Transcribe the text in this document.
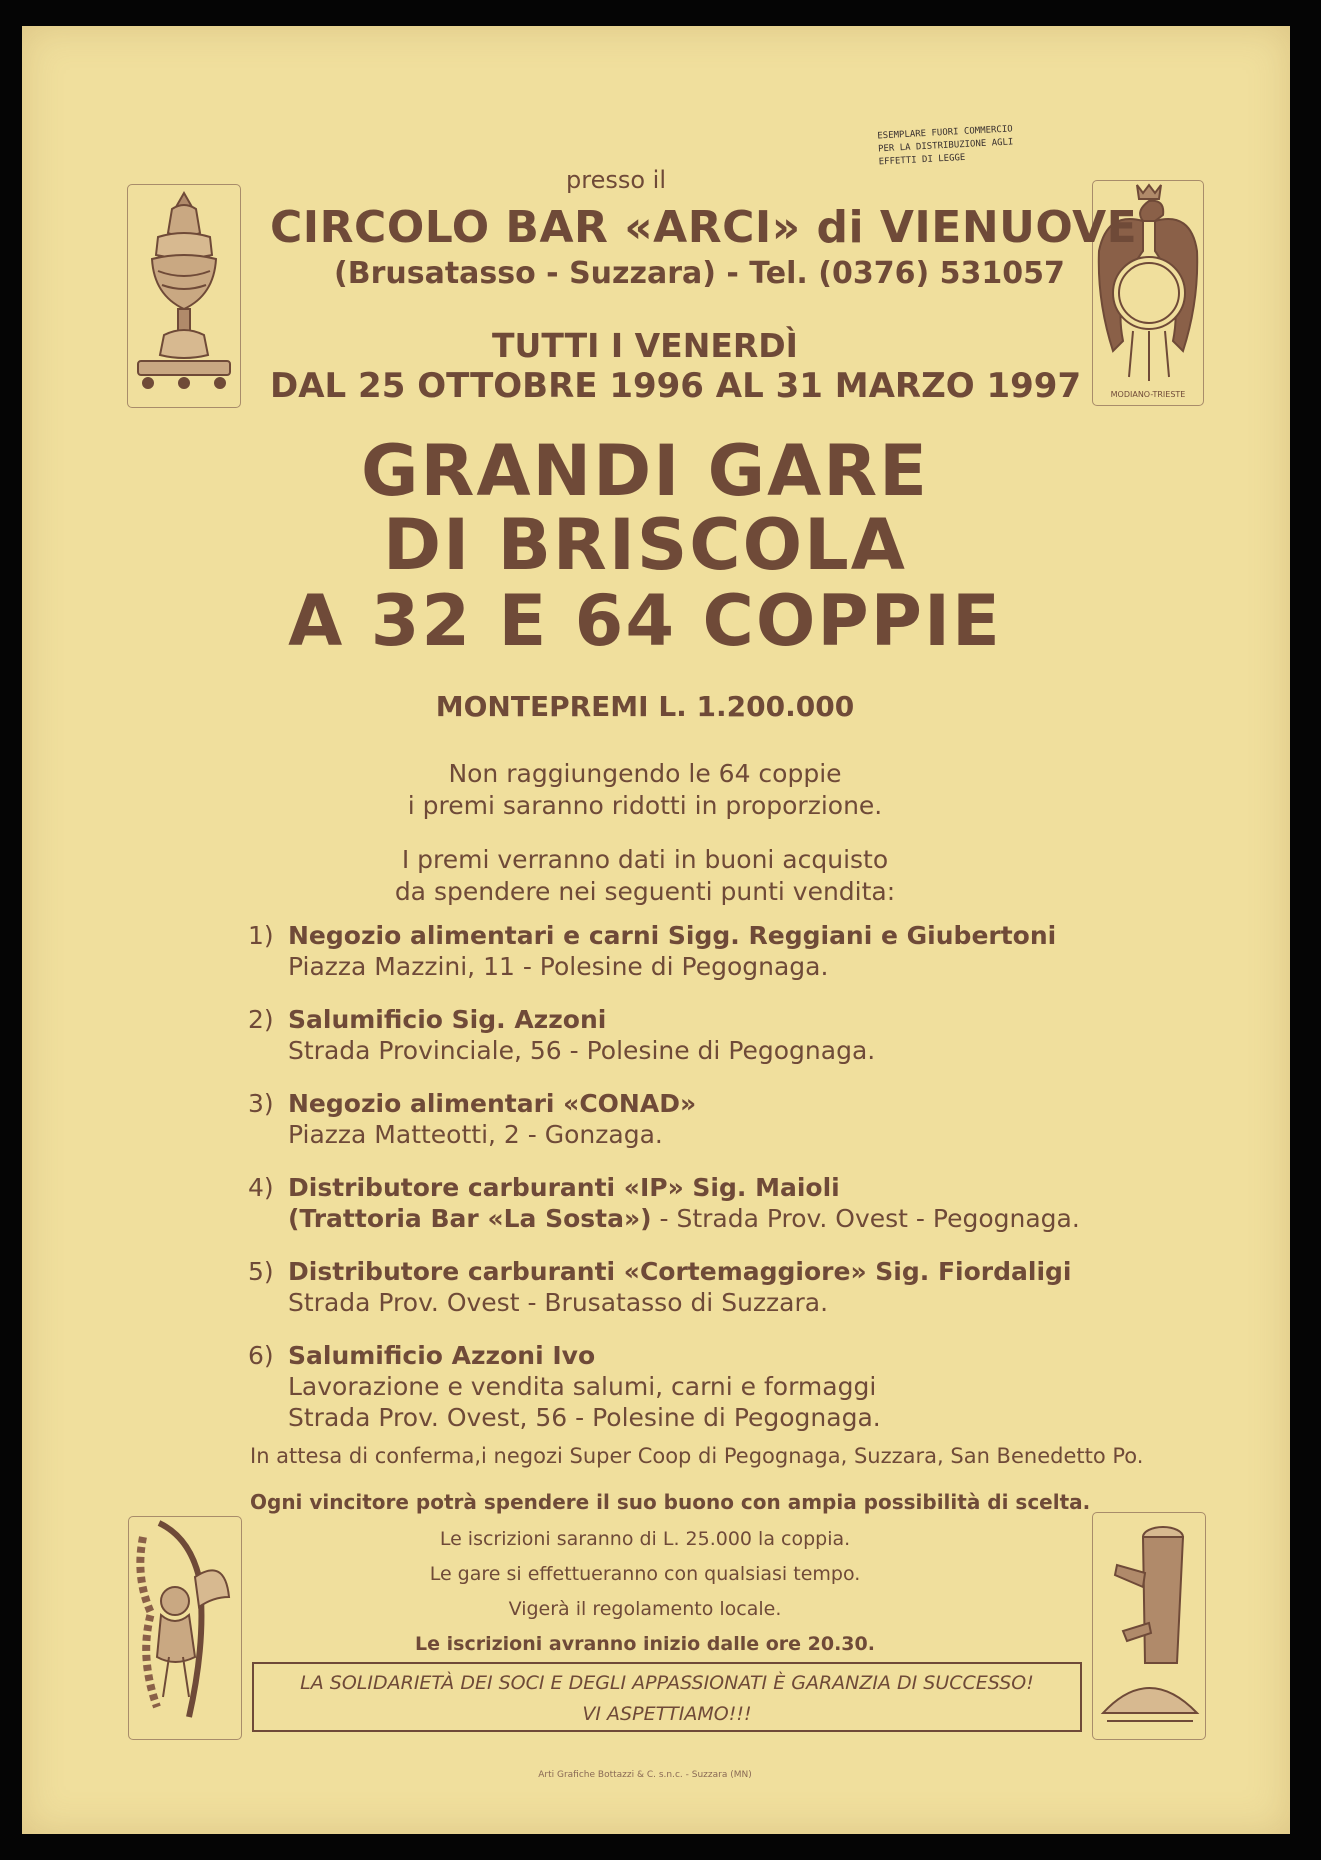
ESEMPLARE FUORI COMMERCIO
PER LA DISTRIBUZIONE AGLI
EFFETTI DI LEGGE
MODIANO-TRIESTE
presso il
CIRCOLO BAR «ARCI» di VIENUOVE
(Brusatasso - Suzzara) - Tel. (0376) 531057
TUTTI I VENERDÌ
DAL 25 OTTOBRE 1996 AL 31 MARZO 1997
GRANDI GARE
DI BRISCOLA
A 32 E 64 COPPIE
MONTEPREMI L. 1.200.000
Non raggiungendo le 64 coppie
i premi saranno ridotti in proporzione.
I premi verranno dati in buoni acquisto
da spendere nei seguenti punti vendita:
1) Negozio alimentari e carni Sigg. Reggiani e Giubertoni
Piazza Mazzini, 11 - Polesine di Pegognaga.
2) Salumificio Sig. Azzoni
Strada Provinciale, 56 - Polesine di Pegognaga.
3) Negozio alimentari «CONAD»
Piazza Matteotti, 2 - Gonzaga.
4) Distributore carburanti «IP» Sig. Maioli
(Trattoria Bar «La Sosta») - Strada Prov. Ovest - Pegognaga.
5) Distributore carburanti «Cortemaggiore» Sig. Fiordaligi
Strada Prov. Ovest - Brusatasso di Suzzara.
6) Salumificio Azzoni Ivo
Lavorazione e vendita salumi, carni e formaggi
Strada Prov. Ovest, 56 - Polesine di Pegognaga.
In attesa di conferma,i negozi Super Coop di Pegognaga, Suzzara, San Benedetto Po.
Ogni vincitore potrà spendere il suo buono con ampia possibilità di scelta.
Le iscrizioni saranno di L. 25.000 la coppia.
Le gare si effettueranno con qualsiasi tempo.
Vigerà il regolamento locale.
Le iscrizioni avranno inizio dalle ore 20.30.
LA SOLIDARIETÀ DEI SOCI E DEGLI APPASSIONATI È GARANZIA DI SUCCESSO!
VI ASPETTIAMO!!!
Arti Grafiche Bottazzi & C. s.n.c. - Suzzara (MN)
